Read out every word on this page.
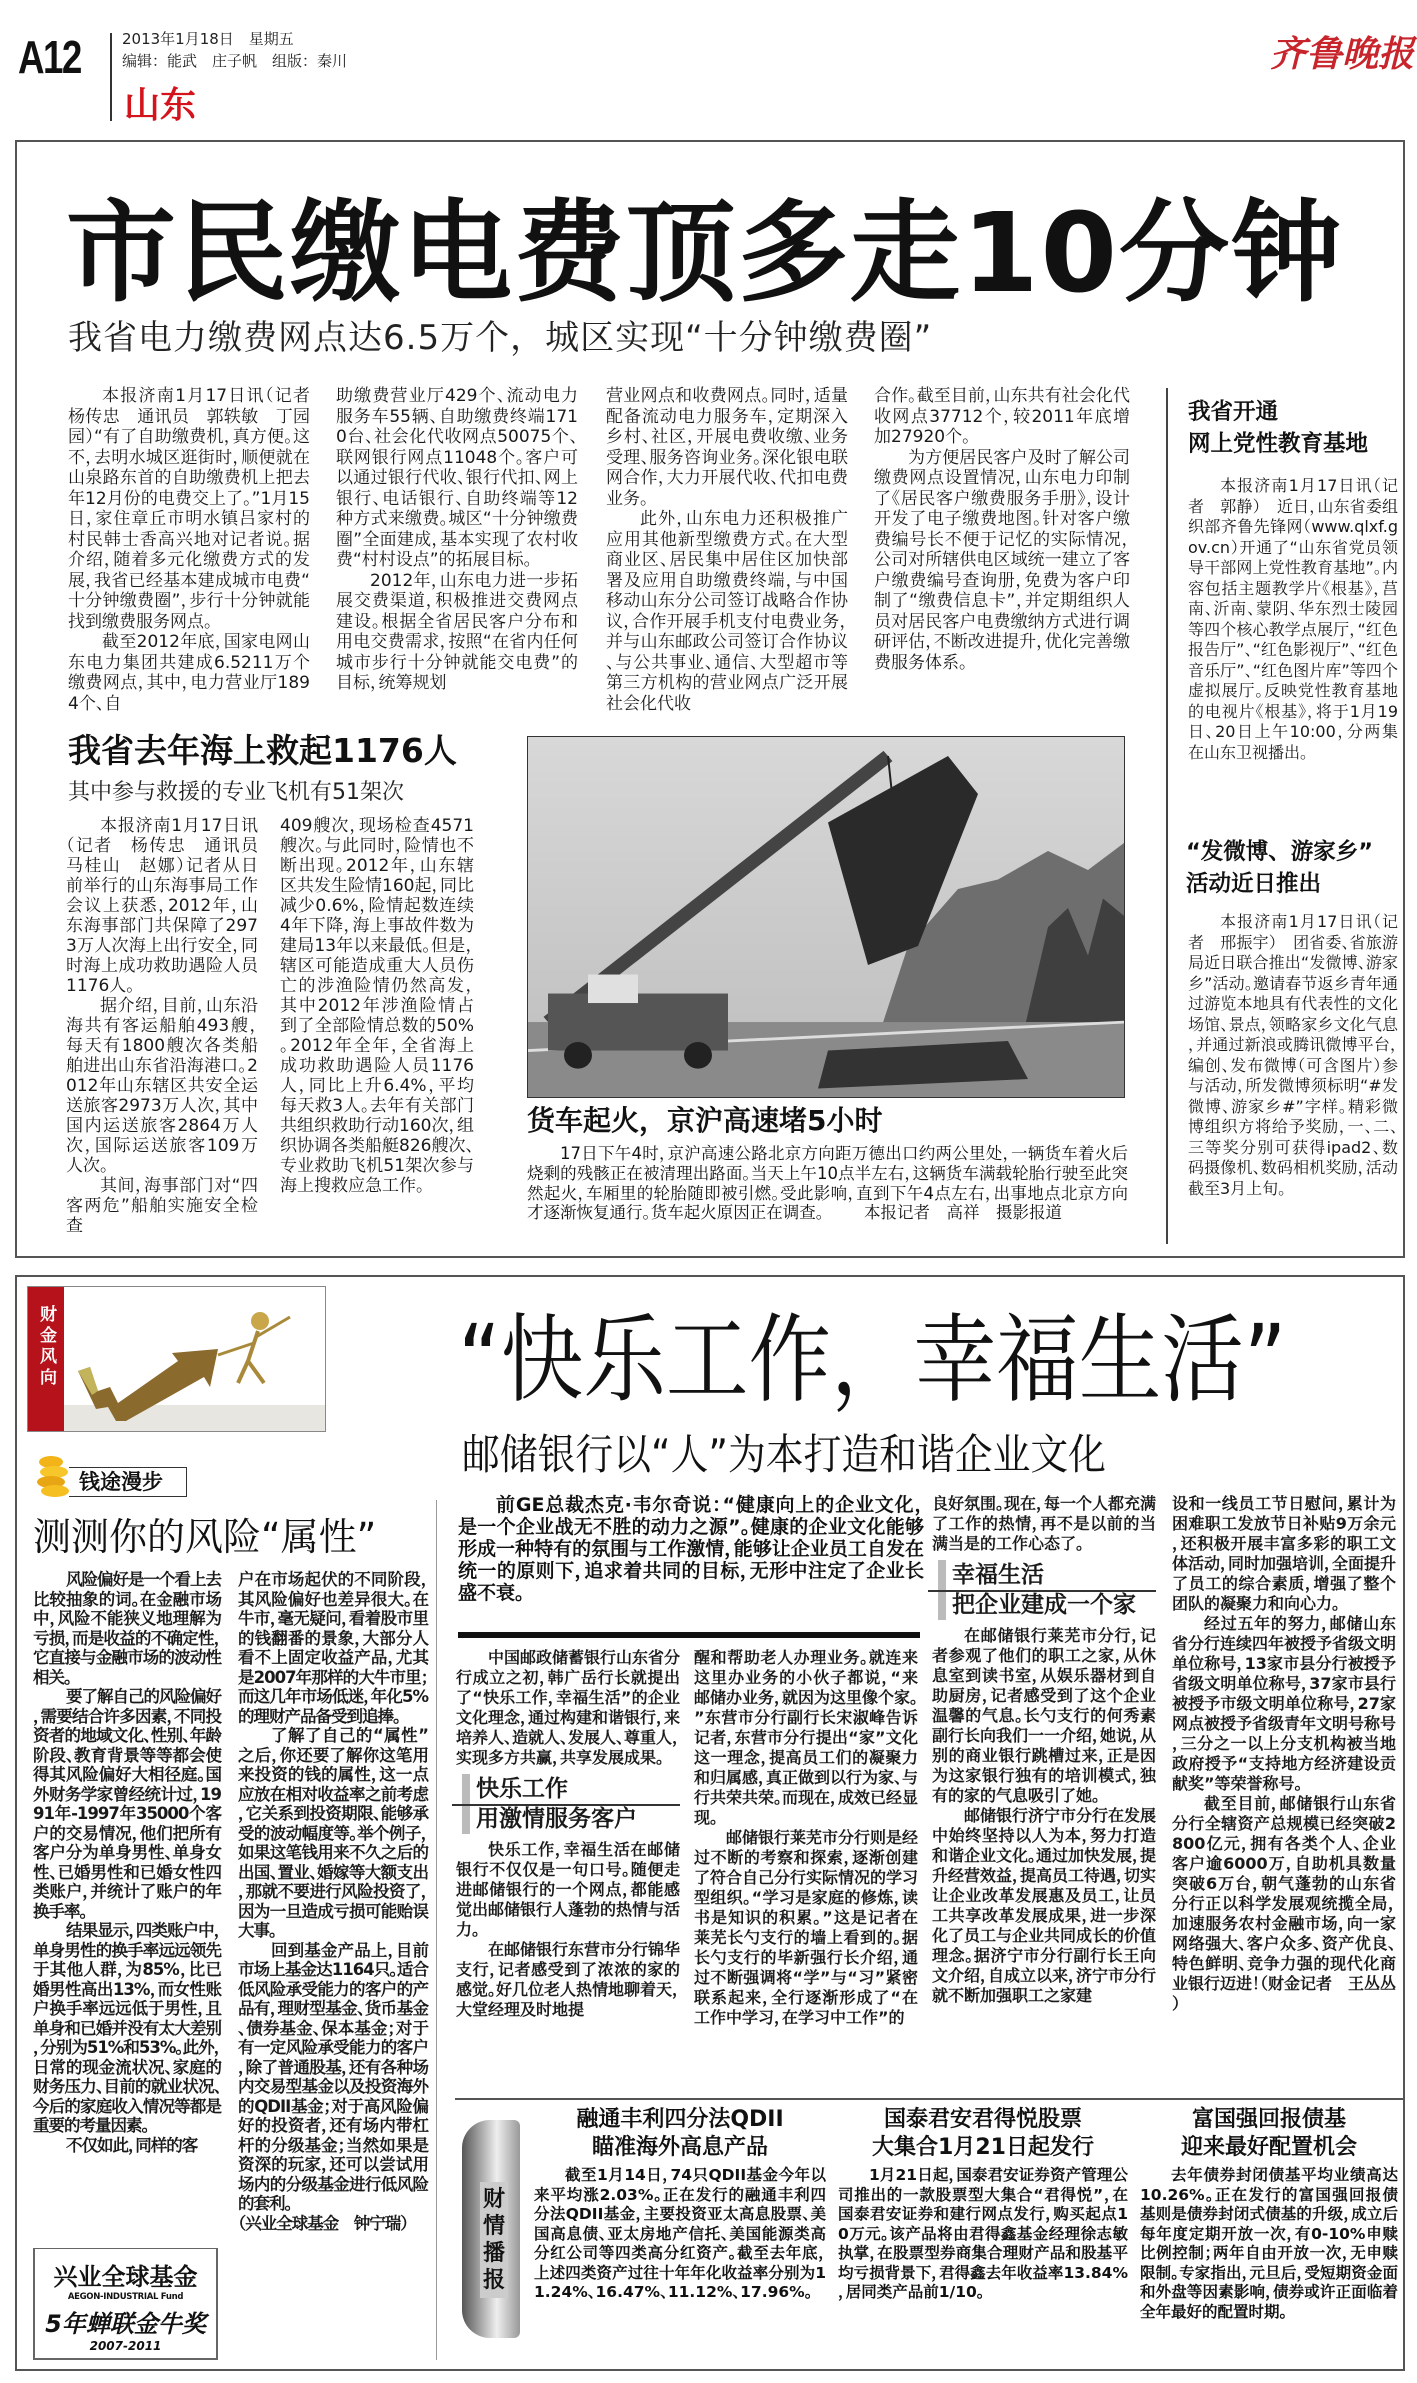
A12	2013年1月18日　星期五
编辑：能武　庄子帆　组版：秦川
山东
齐鲁晚报
市民缴电费顶多走10分钟
我省电力缴费网点达6.5万个，城区实现“十分钟缴费圈”

本报济南1月17日讯（记者　杨传忠　通讯员　郭轶敏　丁园园）“有了自助缴费机，真方便。这不，去明水城区逛街时，顺便就在山泉路东首的自助缴费机上把去年12月份的电费交上了。”1月15日，家住章丘市明水镇吕家村的村民韩士香高兴地对记者说。据介绍，随着多元化缴费方式的发展，我省已经基本建成城市电费“十分钟缴费圈”，步行十分钟就能找到缴费服务网点。

截至2012年底，国家电网山东电力集团共建成6.5211万个缴费网点，其中，电力营业厅1894个、自

助缴费营业厅429个、流动电力服务车55辆、自助缴费终端1710台、社会化代收网点50075个、联网银行网点11048个。客户可以通过银行代收、银行代扣、网上银行、电话银行、自助终端等12种方式来缴费。城区“十分钟缴费圈”全面建成，基本实现了农村收费“村村设点”的拓展目标。

2012年，山东电力进一步拓展交费渠道，积极推进交费网点建设。根据全省居民客户分布和用电交费需求，按照“在省内任何城市步行十分钟就能交电费”的目标，统筹规划

营业网点和收费网点。同时，适量配备流动电力服务车，定期深入乡村、社区，开展电费收缴、业务受理、服务咨询业务。深化银电联网合作，大力开展代收、代扣电费业务。

此外，山东电力还积极推广应用其他新型缴费方式。在大型商业区、居民集中居住区加快部署及应用自助缴费终端，与中国移动山东分公司签订战略合作协议，合作开展手机支付电费业务，并与山东邮政公司签订合作协议、与公共事业、通信、大型超市等第三方机构的营业网点广泛开展社会化代收

合作。截至目前，山东共有社会化代收网点37712个，较2011年底增加27920个。

为方便居民客户及时了解公司缴费网点设置情况，山东电力印制了《居民客户缴费服务手册》，设计开发了电子缴费地图。针对客户缴费编号长不便于记忆的实际情况，公司对所辖供电区域统一建立了客户缴费编号查询册，免费为客户印制了“缴费信息卡”，并定期组织人员对居民客户电费缴纳方式进行调研评估，不断改进提升，优化完善缴费服务体系。

我省开通
网上党性教育基地

本报济南1月17日讯（记者　郭静）　近日，山东省委组织部齐鲁先锋网（www.qlxf.gov.cn）开通了“山东省党员领导干部网上党性教育基地”。内容包括主题教学片《根基》，莒南、沂南、蒙阴、华东烈士陵园等四个核心教学点展厅，“红色报告厅”、“红色影视厅”、“红色音乐厅”、“红色图片库”等四个虚拟展厅。反映党性教育基地的电视片《根基》，将于1月19日、20日上午10:00，分两集在山东卫视播出。

“发微博、游家乡”
活动近日推出

本报济南1月17日讯（记者　邢振宇）　团省委、省旅游局近日联合推出“发微博、游家乡”活动。邀请春节返乡青年通过游览本地具有代表性的文化场馆、景点，领略家乡文化气息，并通过新浪或腾讯微博平台，编创、发布微博（可含图片）参与活动，所发微博须标明“#发微博、游家乡#”字样。精彩微博组织方将给予奖励，一、二、三等奖分别可获得ipad2、数码摄像机、数码相机奖励，活动截至3月上旬。

我省去年海上救起1176人
其中参与救援的专业飞机有51架次

本报济南1月17日讯（记者　杨传忠　通讯员　马桂山　赵娜）记者从日前举行的山东海事局工作会议上获悉，2012年，山东海事部门共保障了2973万人次海上出行安全，同时海上成功救助遇险人员1176人。

据介绍，目前，山东沿海共有客运船舶493艘，每天有1800艘次各类船舶进出山东省沿海港口。2012年山东辖区共安全运送旅客2973万人次，其中国内运送旅客2864万人次，国际运送旅客109万人次。

其间，海事部门对“四客两危”船舶实施安全检查

409艘次，现场检查4571艘次。与此同时，险情也不断出现。2012年，山东辖区共发生险情160起，同比减少0.6%，险情起数连续4年下降，海上事故件数为建局13年以来最低。但是，辖区可能造成重大人员伤亡的涉渔险情仍然高发，其中2012年涉渔险情占到了全部险情总数的50%。2012年全年，全省海上成功救助遇险人员1176人，同比上升6.4%，平均每天救3人。去年有关部门共组织救助行动160次，组织协调各类船艇826艘次、专业救助飞机51架次参与海上搜救应急工作。

货车起火，京沪高速堵5小时
17日下午4时，京沪高速公路北京方向距万德出口约两公里处，一辆货车着火后烧剩的残骸正在被清理出路面。当天上午10点半左右，这辆货车满载轮胎行驶至此突然起火，车厢里的轮胎随即被引燃。受此影响，直到下午4点左右，出事地点北京方向才逐渐恢复通行。货车起火原因正在调查。 本报记者　高祥　摄影报道
财金风向
钱途漫步
测测你的风险“属性”

风险偏好是一个看上去比较抽象的词。在金融市场中，风险不能狭义地理解为亏损，而是收益的不确定性，它直接与金融市场的波动性相关。

要了解自己的风险偏好，需要结合许多因素，不同投资者的地域文化、性别、年龄阶段、教育背景等等都会使得其风险偏好大相径庭。国外财务学家曾经统计过，1991年-1997年35000个客户的交易情况，他们把所有客户分为单身男性、单身女性、已婚男性和已婚女性四类账户，并统计了账户的年换手率。

结果显示，四类账户中，单身男性的换手率远远领先于其他人群，为85%，比已婚男性高出13%，而女性账户换手率远远低于男性，且单身和已婚并没有太大差别，分别为51%和53%。此外，日常的现金流状况、家庭的财务压力、目前的就业状况、今后的家庭收入情况等都是重要的考量因素。

不仅如此，同样的客

户在市场起伏的不同阶段，其风险偏好也差异很大。在牛市，毫无疑问，看着股市里的钱翻番的景象，大部分人看不上固定收益产品，尤其是2007年那样的大牛市里；而这几年市场低迷，年化5%的理财产品备受到追捧。

了解了自己的“属性”之后，你还要了解你这笔用来投资的钱的属性，这一点应放在相对收益率之前考虑，它关系到投资期限、能够承受的波动幅度等。举个例子，如果这笔钱用来不久之后的出国、置业、婚嫁等大额支出，那就不要进行风险投资了，因为一旦造成亏损可能贻误大事。

回到基金产品上，目前市场上基金达1164只。适合低风险承受能力的客户的产品有，理财型基金、货币基金、债券基金、保本基金；对于有一定风险承受能力的客户，除了普通股基，还有各种场内交易型基金以及投资海外的QDII基金；对于高风险偏好的投资者，还有场内带杠杆的分级基金；当然如果是资深的玩家，还可以尝试用场内的分级基金进行低风险的套利。

（兴业全球基金　钟宁瑞）

兴业全球基金
AEGON-INDUSTRIAL Fund
5年蝉联金牛奖
2007-2011
“快乐工作，幸福生活”
邮储银行以“人”为本打造和谐企业文化

前GE总裁杰克·韦尔奇说：“健康向上的企业文化，是一个企业战无不胜的动力之源”。健康的企业文化能够形成一种特有的氛围与工作激情，能够让企业员工自发在统一的原则下，追求着共同的目标，无形中注定了企业长盛不衰。

中国邮政储蓄银行山东省分行成立之初，韩广岳行长就提出了“快乐工作，幸福生活”的企业文化理念，通过构建和谐银行，来培养人、造就人、发展人、尊重人，实现多方共赢，共享发展成果。

快乐工作
用激情服务客户

快乐工作，幸福生活在邮储银行不仅仅是一句口号。随便走进邮储银行的一个网点，都能感觉出邮储银行人蓬勃的热情与活力。

在邮储银行东营市分行锦华支行，记者感受到了浓浓的家的感觉。好几位老人热情地聊着天，大堂经理及时地提

醒和帮助老人办理业务。就连来这里办业务的小伙子都说，“来邮储办业务，就因为这里像个家。”东营市分行副行长宋淑峰告诉记者，东营市分行提出“家”文化这一理念，提高员工们的凝聚力和归属感，真正做到以行为家、与行共荣共荣。而现在，成效已经显现。

邮储银行莱芜市分行则是经过不断的考察和探索，逐渐创建了符合自己分行实际情况的学习型组织。“学习是家庭的修炼，读书是知识的积累。”这是记者在莱芜长勺支行的墙上看到的。据长勺支行的毕新强行长介绍，通过不断强调将“学”与“习”紧密联系起来，全行逐渐形成了“在工作中学习，在学习中工作”的

良好氛围。现在，每一个人都充满了工作的热情，再不是以前的当满当是的工作心态了。

幸福生活
把企业建成一个家

在邮储银行莱芜市分行，记者参观了他们的职工之家，从休息室到读书室，从娱乐器材到自助厨房，记者感受到了这个企业温馨的气息。长勺支行的何秀素副行长向我们一一介绍，她说，从别的商业银行跳槽过来，正是因为这家银行独有的培训模式，独有的家的气息吸引了她。

邮储银行济宁市分行在发展中始终坚持以人为本，努力打造和谐企业文化。通过加快发展，提升经营效益，提高员工待遇，切实让企业改革发展惠及员工，让员工共享改革发展成果，进一步深化了员工与企业共同成长的价值理念。据济宁市分行副行长王向文介绍，自成立以来，济宁市分行就不断加强职工之家建

设和一线员工节日慰问，累计为困难职工发放节日补贴9万余元，还积极开展丰富多彩的职工文体活动，同时加强培训，全面提升了员工的综合素质，增强了整个团队的凝聚力和向心力。

经过五年的努力，邮储山东省分行连续四年被授予省级文明单位称号，13家市县分行被授予省级文明单位称号，37家市县行被授予市级文明单位称号，27家网点被授予省级青年文明号称号，三分之一以上分支机构被当地政府授予“支持地方经济建设贡献奖”等荣誉称号。

截至目前，邮储银行山东省分行全辖资产总规模已经突破2800亿元，拥有各类个人、企业客户逾6000万，自助机具数量突破6万台，朝气蓬勃的山东省分行正以科学发展观统揽全局，加速服务农村金融市场，向一家网络强大、客户众多、资产优良、特色鲜明、竞争力强的现代化商业银行迈进！（财金记者　王丛丛）

财情播报
融通丰利四分法QDII
瞄准海外高息产品

截至1月14日，74只QDII基金今年以来平均涨2.03%。正在发行的融通丰利四分法QDII基金，主要投资亚太高息股票、美国高息债、亚太房地产信托、美国能源类高分红公司等四类高分红资产。截至去年底，上述四类资产过往十年年化收益率分别为11.24%、16.47%、11.12%、17.96%。

国泰君安君得悦股票
大集合1月21日起发行

1月21日起，国泰君安证券资产管理公司推出的一款股票型大集合“君得悦”，在国泰君安证券和建行网点发行，购买起点10万元。该产品将由君得鑫基金经理徐志敏执掌，在股票型券商集合理财产品和股基平均亏损背景下，君得鑫去年收益率13.84%，居同类产品前1/10。

富国强回报债基
迎来最好配置机会

去年债券封闭债基平均业绩高达10.26%。正在发行的富国强回报债基则是债券封闭式债基的升级，成立后每年度定期开放一次，有0-10%申赎比例控制；两年自由开放一次，无申赎限制。专家指出，元旦后，受短期资金面和外盘等因素影响，债券或许正面临着全年最好的配置时期。
